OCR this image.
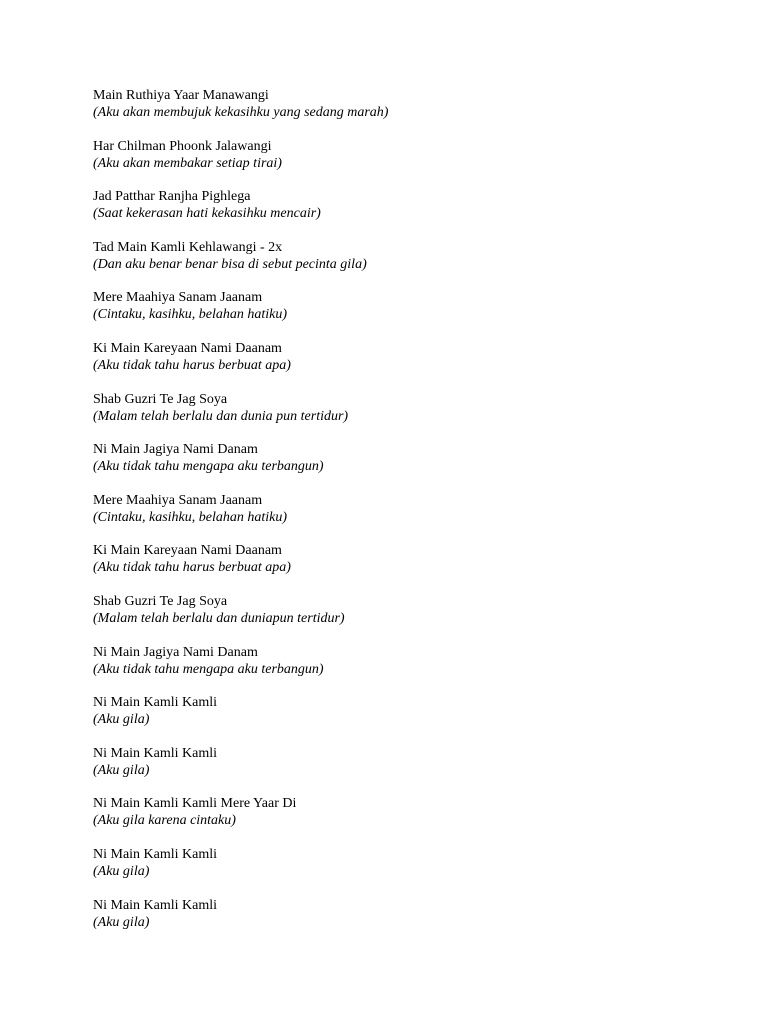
Main Ruthiya Yaar Manawangi
(Aku akan membujuk kekasihku yang sedang marah)
Har Chilman Phoonk Jalawangi
(Aku akan membakar setiap tirai)
Jad Patthar Ranjha Pighlega
(Saat kekerasan hati kekasihku mencair)
Tad Main Kamli Kehlawangi - 2x
(Dan aku benar benar bisa di sebut pecinta gila)
Mere Maahiya Sanam Jaanam
(Cintaku, kasihku, belahan hatiku)
Ki Main Kareyaan Nami Daanam
(Aku tidak tahu harus berbuat apa)
Shab Guzri Te Jag Soya
(Malam telah berlalu dan dunia pun tertidur)
Ni Main Jagiya Nami Danam
(Aku tidak tahu mengapa aku terbangun)
Mere Maahiya Sanam Jaanam
(Cintaku, kasihku, belahan hatiku)
Ki Main Kareyaan Nami Daanam
(Aku tidak tahu harus berbuat apa)
Shab Guzri Te Jag Soya
(Malam telah berlalu dan duniapun tertidur)
Ni Main Jagiya Nami Danam
(Aku tidak tahu mengapa aku terbangun)
Ni Main Kamli Kamli
(Aku gila)
Ni Main Kamli Kamli
(Aku gila)
Ni Main Kamli Kamli Mere Yaar Di
(Aku gila karena cintaku)
Ni Main Kamli Kamli
(Aku gila)
Ni Main Kamli Kamli
(Aku gila)
